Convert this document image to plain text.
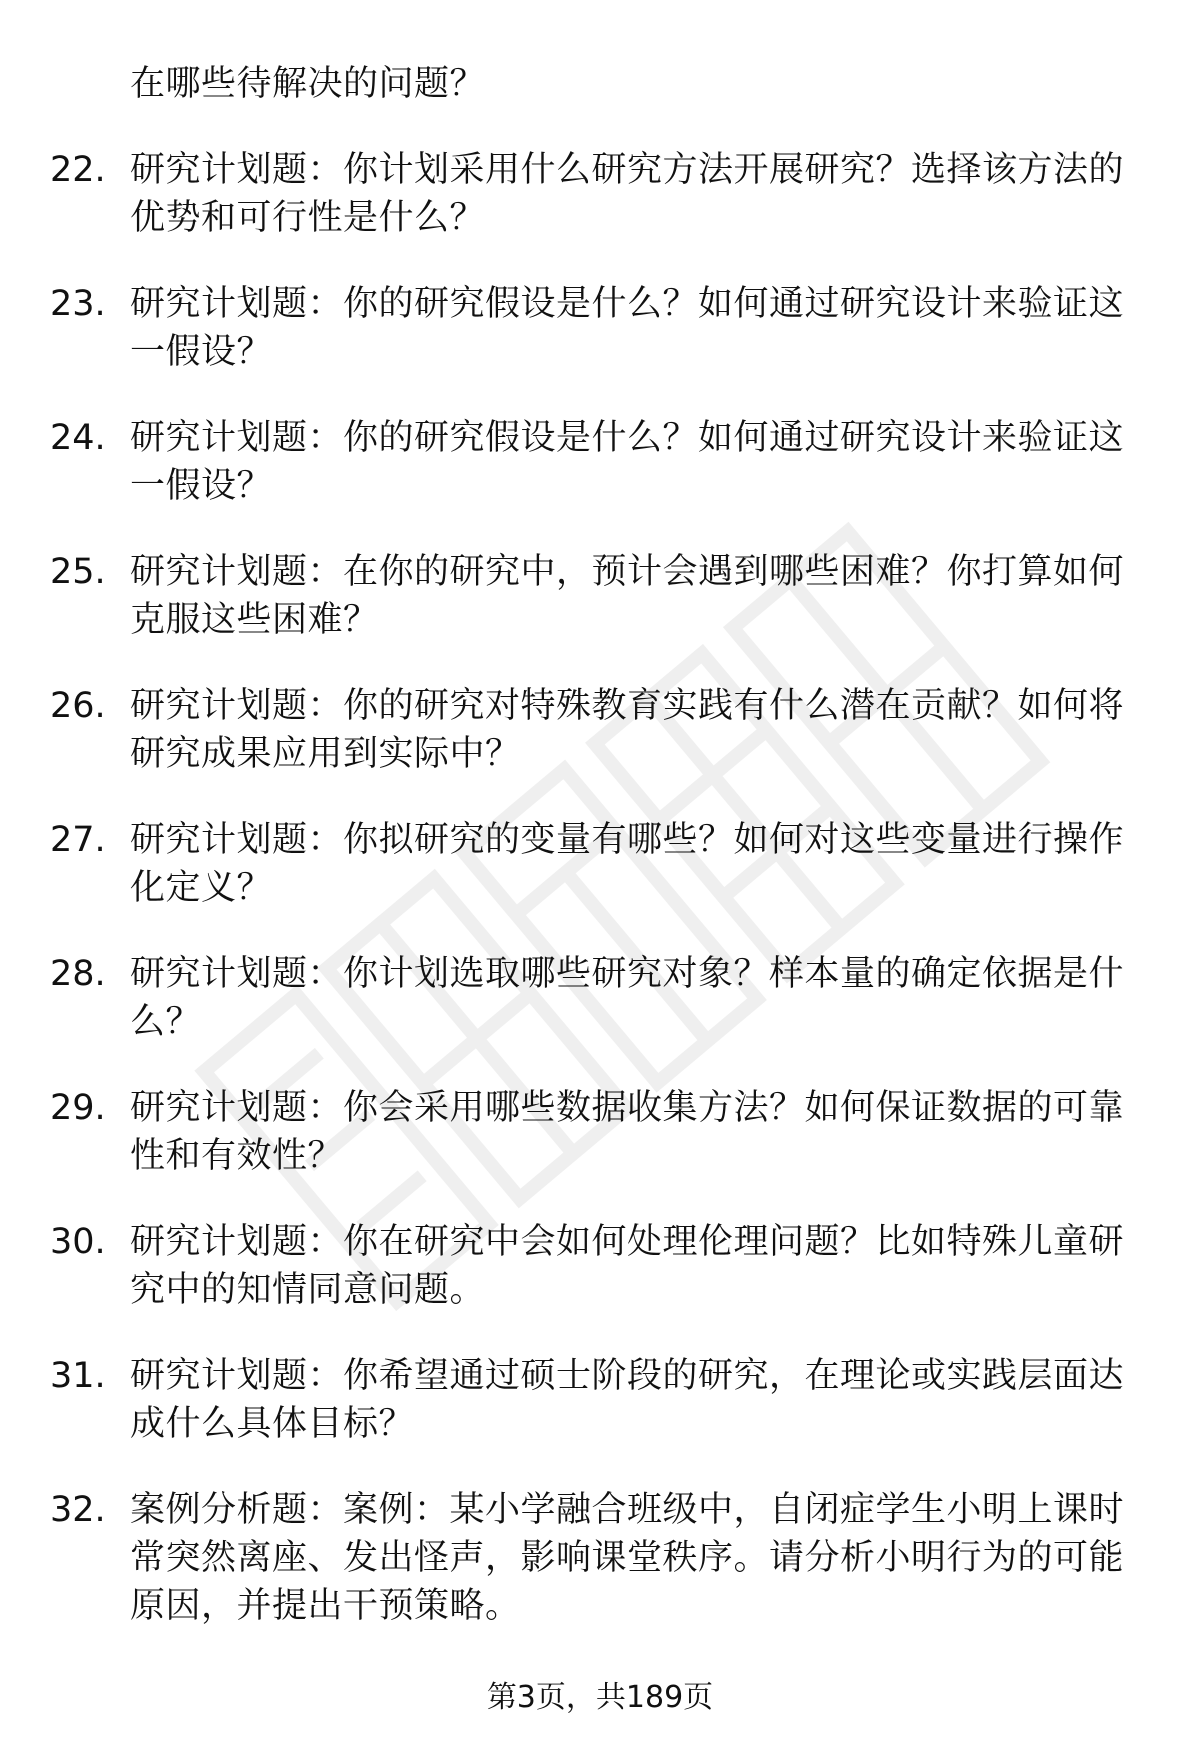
在哪些待解决的问题？
22. 研究计划题：你计划采用什么研究方法开展研究？选择该方法的优势和可行性是什么？
23. 研究计划题：你的研究假设是什么？如何通过研究设计来验证这一假设？
24. 研究计划题：你的研究假设是什么？如何通过研究设计来验证这一假设？
25. 研究计划题：在你的研究中，预计会遇到哪些困难？你打算如何克服这些困难？
26. 研究计划题：你的研究对特殊教育实践有什么潜在贡献？如何将研究成果应用到实际中？
27. 研究计划题：你拟研究的变量有哪些？如何对这些变量进行操作化定义？
28. 研究计划题：你计划选取哪些研究对象？样本量的确定依据是什么？
29. 研究计划题：你会采用哪些数据收集方法？如何保证数据的可靠性和有效性？
30. 研究计划题：你在研究中会如何处理伦理问题？比如特殊儿童研究中的知情同意问题。
31. 研究计划题：你希望通过硕士阶段的研究，在理论或实践层面达成什么具体目标？
32. 案例分析题：案例：某小学融合班级中，自闭症学生小明上课时常突然离座、发出怪声，影响课堂秩序。请分析小明行为的可能原因，并提出干预策略。
第3页，共189页
